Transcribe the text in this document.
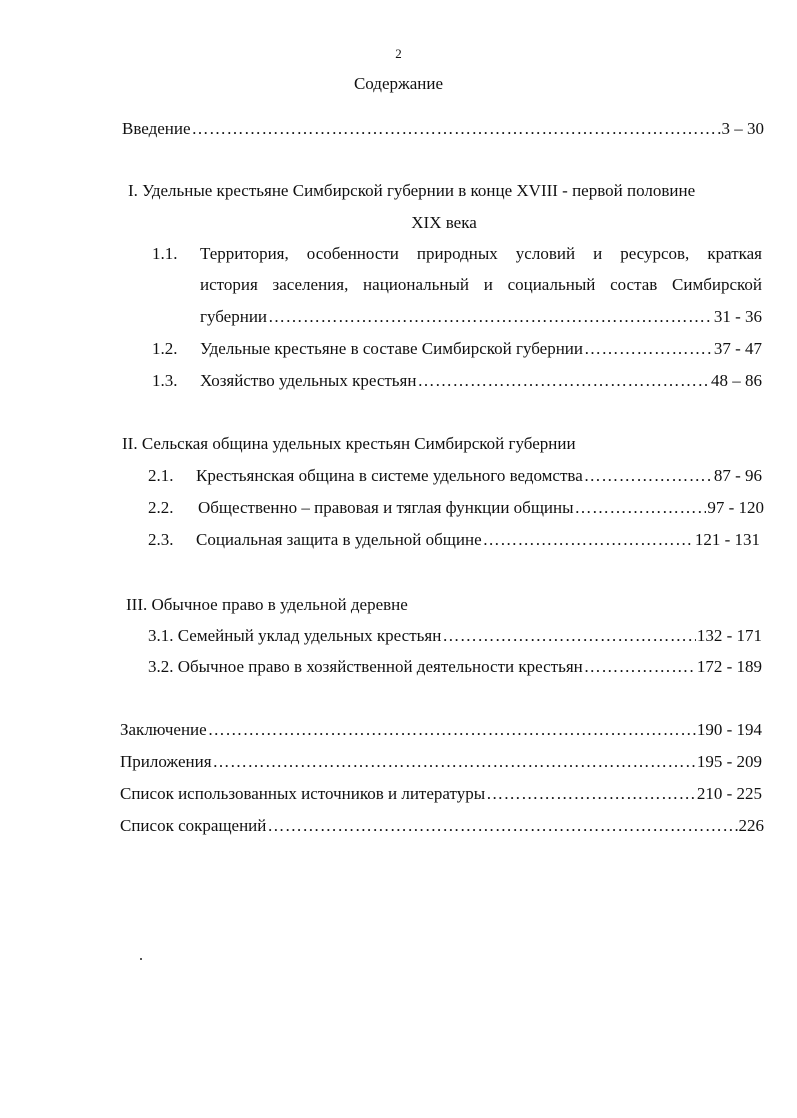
2
Содержание
Введение ……………………………………………………………………………………………………………………………………………………………………………………………………………	3 – 30
I. Удельные крестьяне Симбирской губернии в конце XVIII - первой половине
XIX века
1.1. Территория, особенности природных условий и ресурсов, краткая
история заселения, национальный и социальный состав Симбирской
губернии ……………………………………………………………………………………………………………………………………………………………………………………………………………	31 - 36
1.2. Удельные крестьяне в составе Симбирской губернии ……………………………………………………………………………………………………………………………………………………………………………………………………………	37 - 47
1.3. Хозяйство удельных крестьян ……………………………………………………………………………………………………………………………………………………………………………………………………………	48 – 86
II. Сельская община удельных крестьян Симбирской губернии
2.1. Крестьянская община в системе удельного ведомства ……………………………………………………………………………………………………………………………………………………………………………………………………………	87 - 96
2.2. Общественно – правовая и тяглая функции общины ……………………………………………………………………………………………………………………………………………………………………………………………………………	97 - 120
2.3. Социальная защита в удельной общине ……………………………………………………………………………………………………………………………………………………………………………………………………………	121 - 131
III. Обычное право в удельной деревне
3.1. Семейный уклад удельных крестьян ……………………………………………………………………………………………………………………………………………………………………………………………………………	132 - 171
3.2. Обычное право в хозяйственной деятельности крестьян ……………………………………………………………………………………………………………………………………………………………………………………………………………	172 - 189
Заключение ……………………………………………………………………………………………………………………………………………………………………………………………………………	190 - 194
Приложения ……………………………………………………………………………………………………………………………………………………………………………………………………………	195 - 209
Список использованных источников и литературы ……………………………………………………………………………………………………………………………………………………………………………………………………………	210 - 225
Список сокращений ……………………………………………………………………………………………………………………………………………………………………………………………………………	226
